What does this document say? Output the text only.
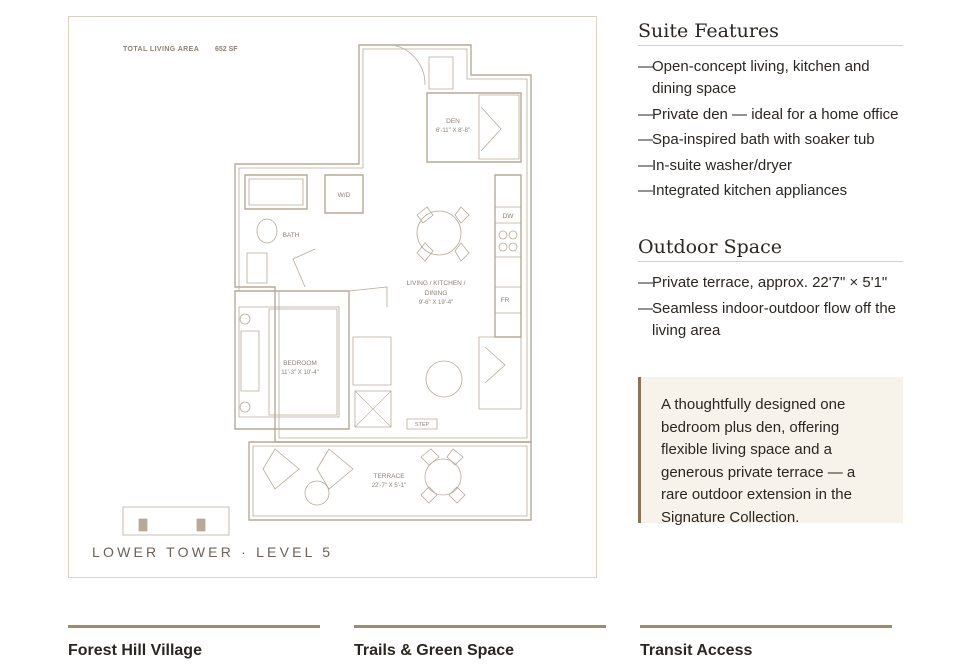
TOTAL LIVING AREA 652 SF
DEN
6'-11" X 8'-8"
W/D
BATH
DW
LIVING / KITCHEN /
DINING
9'-6" X 19'-4"	FR
BEDROOM
11'-3" X 10'-4"
STEP
TERRACE
22'-7" X 5'-1"
LOWER TOWER · LEVEL 5
Suite Features
— Open-concept living, kitchen and dining space
— Private den — ideal for a home office
— Spa-inspired bath with soaker tub
— In-suite washer/dryer
— Integrated kitchen appliances
Outdoor Space
— Private terrace, approx. 22'7" × 5'1"
— Seamless indoor-outdoor flow off the living area
A thoughtfully designed one bedroom plus den, offering flexible living space and a generous private terrace — a rare outdoor extension in the Signature Collection.
Forest Hill Village	Trails & Green Space	Transit Access
